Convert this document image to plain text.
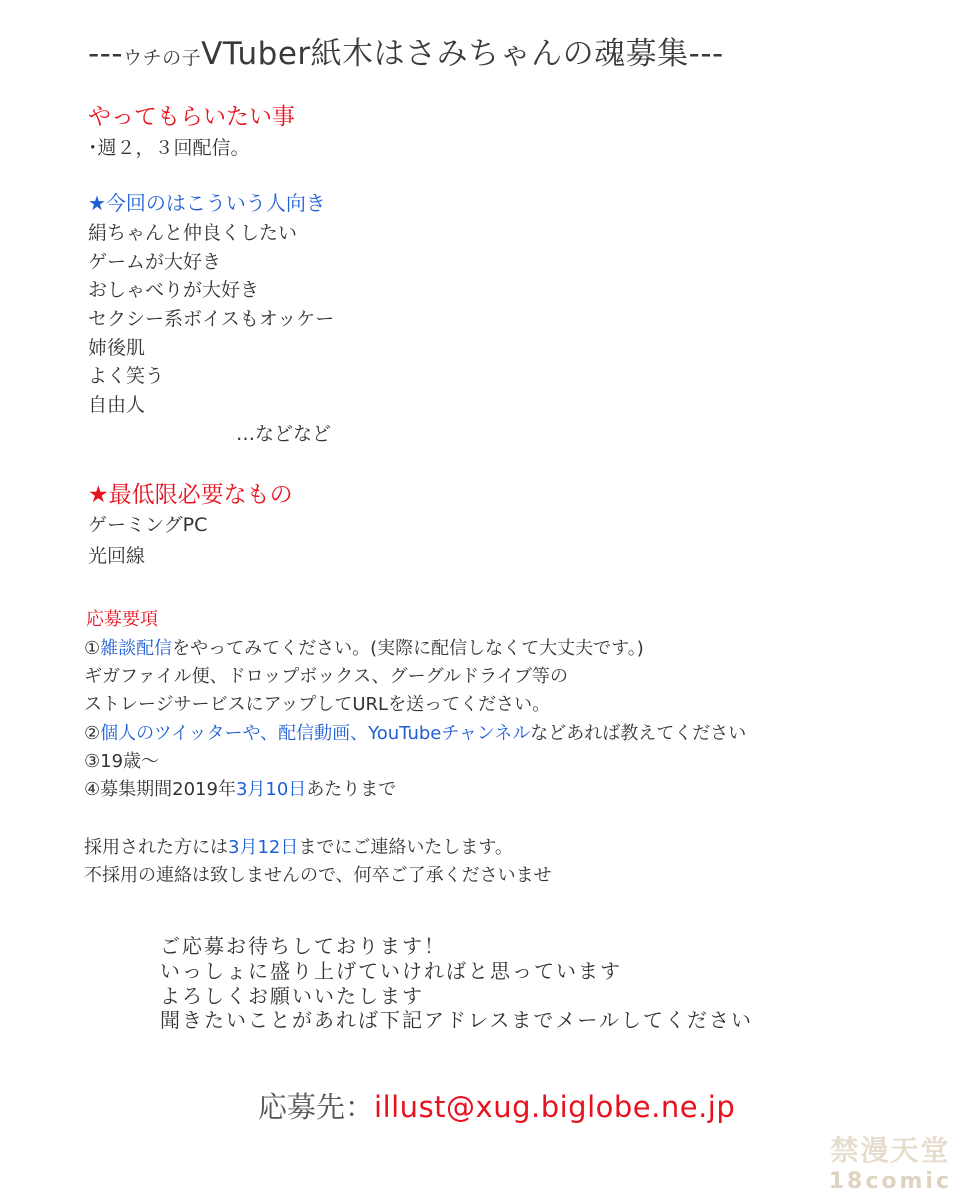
---ウチの子VTuber紙木はさみちゃんの魂募集---
やってもらいたい事
･週２，３回配信。
★今回のはこういう人向き
絹ちゃんと仲良くしたい
ゲームが大好き
おしゃべりが大好き
セクシー系ボイスもオッケー
姉後肌
よく笑う
自由人
…などなど
★最低限必要なもの
ゲーミングPC
光回線
応募要項
①雑談配信をやってみてください。(実際に配信しなくて大丈夫です。)
ギガファイル便、ドロップボックス、グーグルドライブ等の
ストレージサービスにアップしてURLを送ってください。
②個人のツイッターや、配信動画、YouTubeチャンネルなどあれば教えてください
③19歳～
④募集期間2019年3月10日あたりまで
採用された方には3月12日までにご連絡いたします。
不採用の連絡は致しませんので、何卒ご了承くださいませ
ご応募お待ちしております！
いっしょに盛り上げていければと思っています
よろしくお願いいたします
聞きたいことがあれば下記アドレスまでメールしてください
応募先：illust@xug.biglobe.ne.jp
禁漫天堂
18comic
